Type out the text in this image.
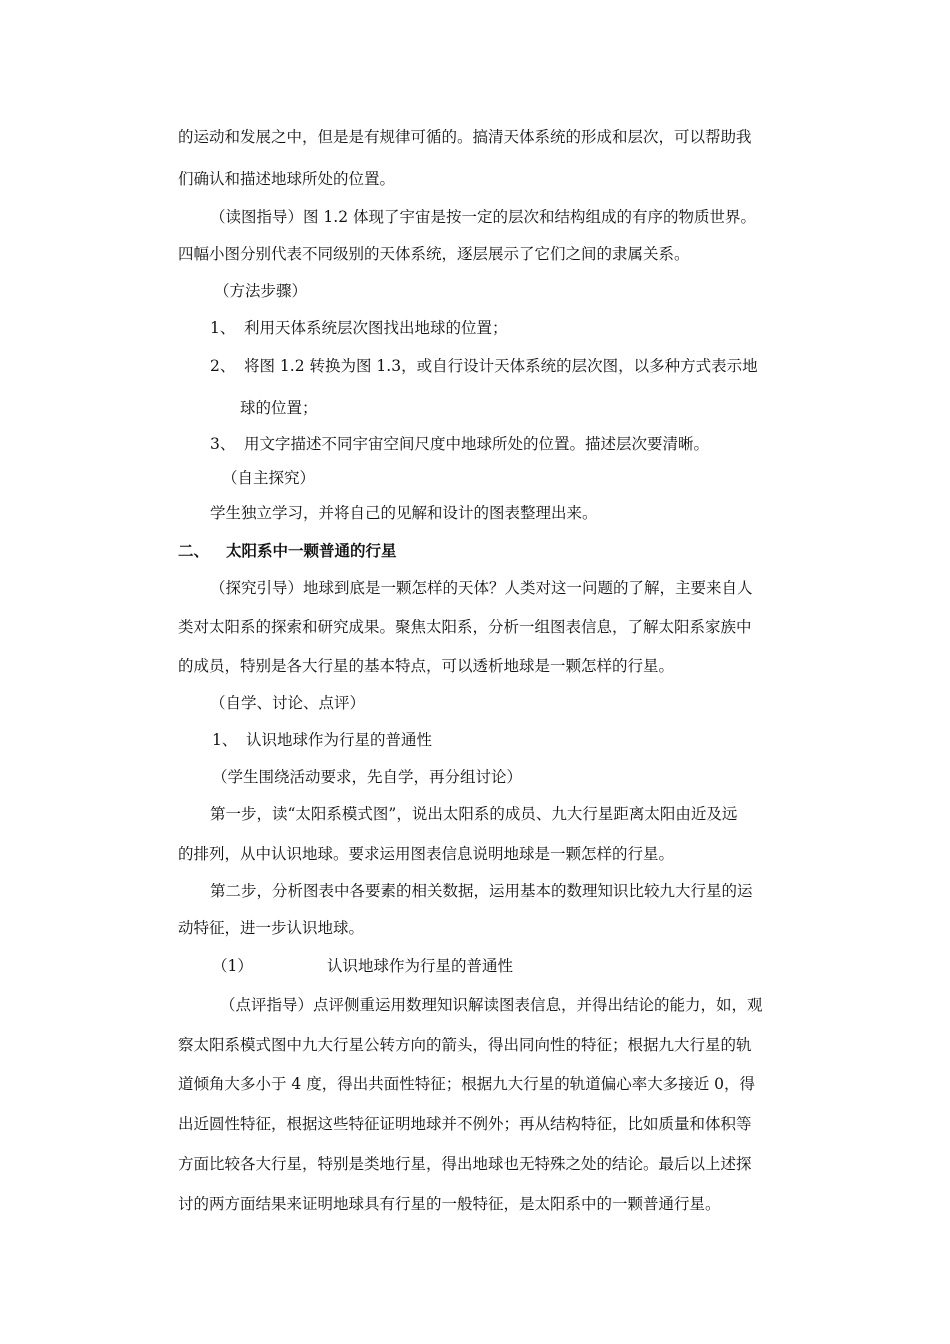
的运动和发展之中，但是是有规律可循的。搞清天体系统的形成和层次，可以帮助我
们确认和描述地球所处的位置。
（读图指导）图 1.2 体现了宇宙是按一定的层次和结构组成的有序的物质世界。
四幅小图分别代表不同级别的天体系统，逐层展示了它们之间的隶属关系。
（方法步骤）
1、 利用天体系统层次图找出地球的位置；
2、 将图 1.2 转换为图 1.3，或自行设计天体系统的层次图，以多种方式表示地
球的位置；
3、 用文字描述不同宇宙空间尺度中地球所处的位置。描述层次要清晰。
（自主探究）
学生独立学习，并将自己的见解和设计的图表整理出来。
二、 太阳系中一颗普通的行星
（探究引导）地球到底是一颗怎样的天体？人类对这一问题的了解，主要来自人
类对太阳系的探索和研究成果。聚焦太阳系，分析一组图表信息，了解太阳系家族中
的成员，特别是各大行星的基本特点，可以透析地球是一颗怎样的行星。
（自学、讨论、点评）
1、 认识地球作为行星的普通性
（学生围绕活动要求，先自学，再分组讨论）
第一步，读“太阳系模式图”，说出太阳系的成员、九大行星距离太阳由近及远
的排列，从中认识地球。要求运用图表信息说明地球是一颗怎样的行星。
第二步，分析图表中各要素的相关数据，运用基本的数理知识比较九大行星的运
动特征，进一步认识地球。
（1）	认识地球作为行星的普通性
（点评指导）点评侧重运用数理知识解读图表信息，并得出结论的能力，如，观
察太阳系模式图中九大行星公转方向的箭头，得出同向性的特征；根据九大行星的轨
道倾角大多小于 4 度，得出共面性特征；根据九大行星的轨道偏心率大多接近 0，得
出近圆性特征，根据这些特征证明地球并不例外；再从结构特征，比如质量和体积等
方面比较各大行星，特别是类地行星，得出地球也无特殊之处的结论。最后以上述探
讨的两方面结果来证明地球具有行星的一般特征，是太阳系中的一颗普通行星。
